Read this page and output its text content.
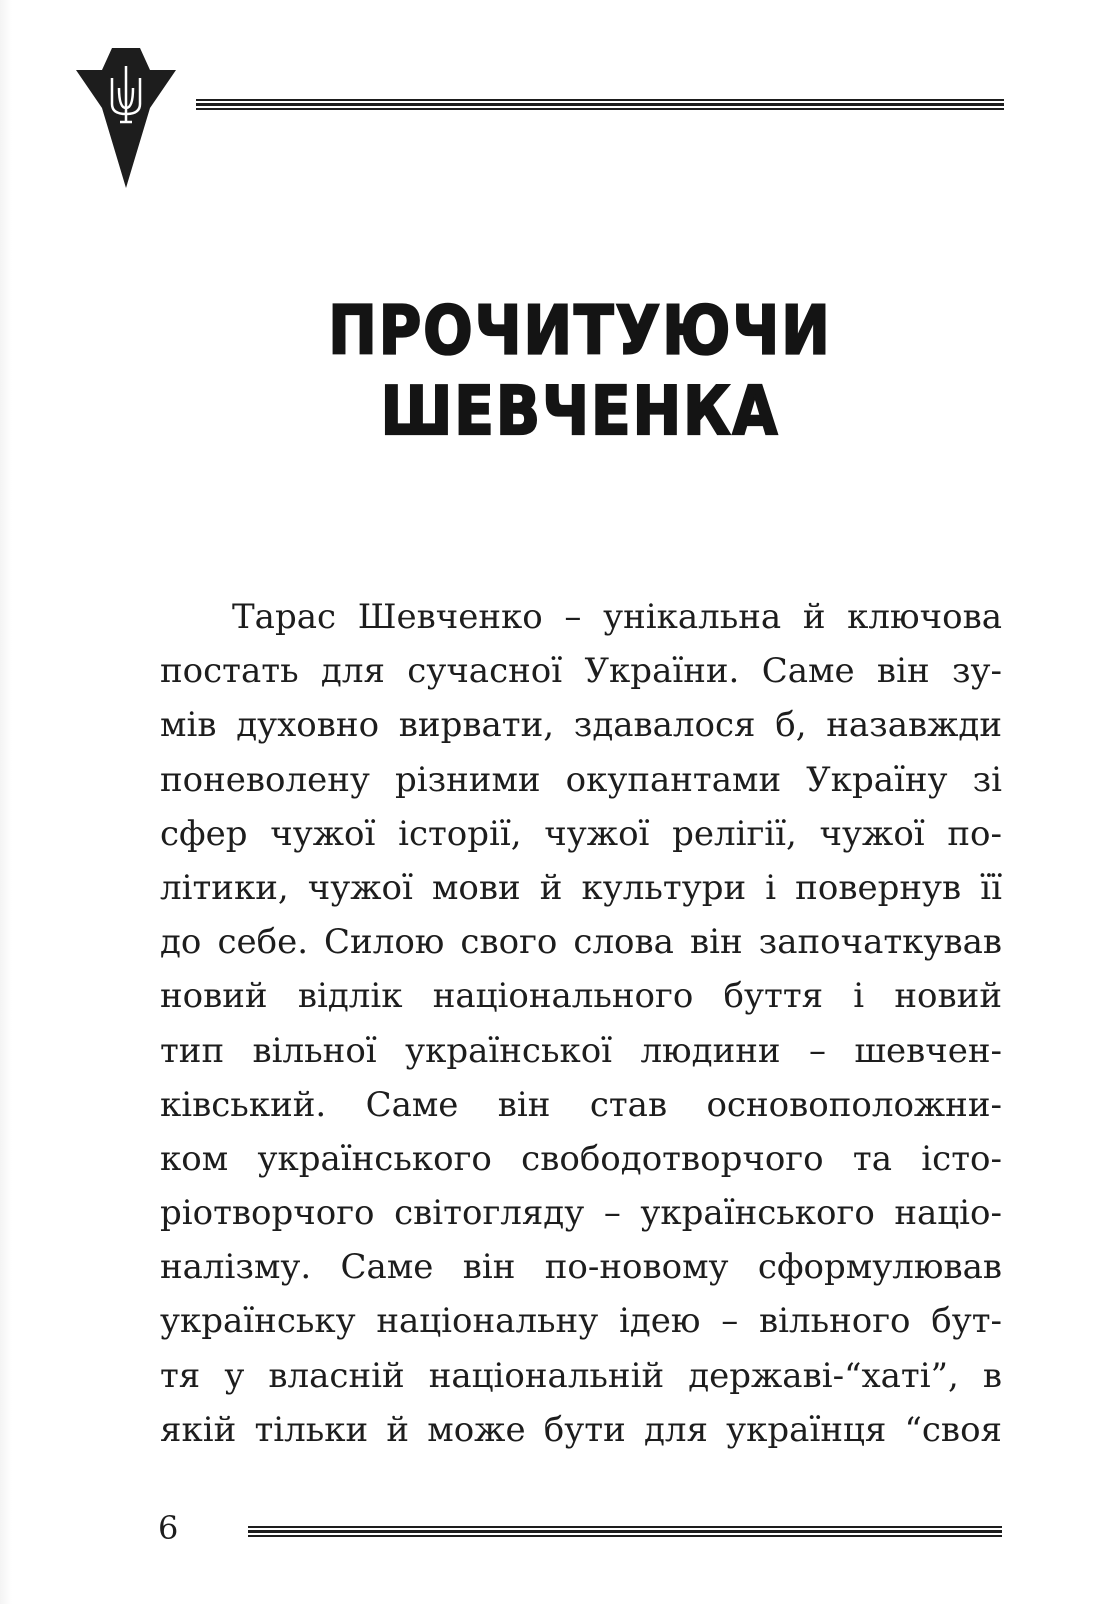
ПРОЧИТУЮЧИ
ШЕВЧЕНКА
Тарас Шевченко – унікальна й ключова
постать для сучасної України. Саме він зу-
мів духовно вирвати, здавалося б, назавжди
поневолену різними окупантами Україну зі
сфер чужої історії, чужої релігії, чужої по-
літики, чужої мови й культури і повернув її
до себе. Силою свого слова він започаткував
новий відлік національного буття і новий
тип вільної української людини – шевчен-
ківський. Саме він став основоположни-
ком українського свободотворчого та істо-
ріотворчого світогляду – українського націо-
налізму. Саме він по-новому сформулював
українську національну ідею – вільного бут-
тя у власній національній державі-“хаті”, в
якій тільки й може бути для українця “своя
6
